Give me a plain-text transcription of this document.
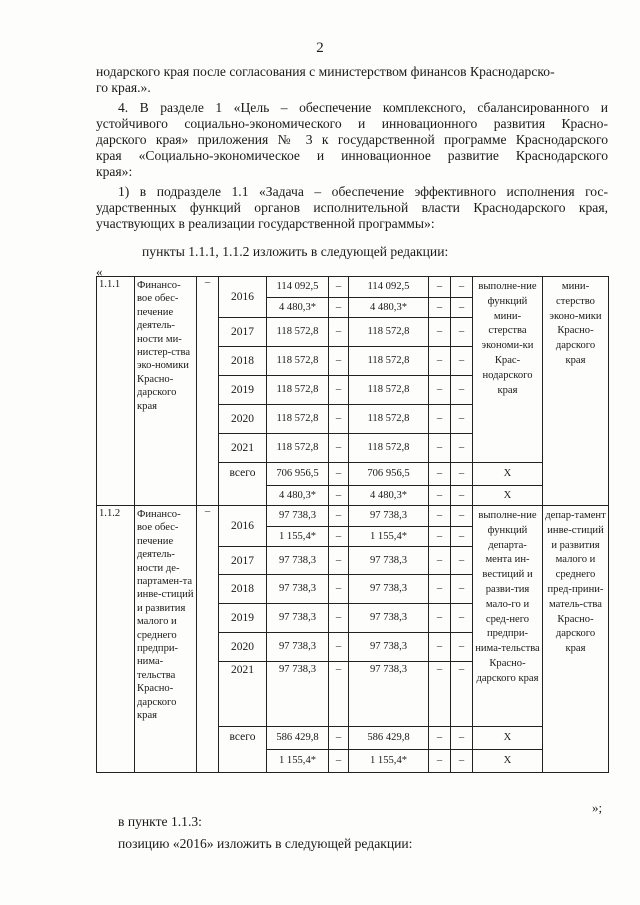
2
нодарского края после согласования с министерством финансов Краснодарско-
го края.».
4. В разделе 1 «Цель – обеспечение комплексного, сбалансированного и
устойчивого социально-экономического и инновационного развития Красно-
дарского края» приложения № 3 к государственной программе Краснодарского
края «Социально-экономическое и инновационное развитие Краснодарского
края»:
1) в подразделе 1.1 «Задача – обеспечение эффективного исполнения гос-
ударственных функций органов исполнительной власти Краснодарского края,
участвующих в реализации государственной программы»:
пункты 1.1.1, 1.1.2 изложить в следующей редакции:
«
1.1.1	Финансо-вое обес-печение деятель-ности ми-нистер-ства эко-номики Красно-дарского края	–	2016	114 092,5	–	114 092,5	–	–	выполне-ние функций мини-стерства экономи-ки Крас-нодарского края	мини-стерство эконо-мики Красно-дарского края
				4 480,3*	–	4 480,3*	–	–		
			2017	118 572,8	–	118 572,8	–	–		
			2018	118 572,8	–	118 572,8	–	–		
			2019	118 572,8	–	118 572,8	–	–		
			2020	118 572,8	–	118 572,8	–	–		
			2021	118 572,8	–	118 572,8	–	–		
			всего	706 956,5	–	706 956,5	–	–	X	
				4 480,3*	–	4 480,3*	–	–	X	
1.1.2	Финансо-вое обес-печение деятель-ности де-партамен-та инве-стиций и развития малого и среднего предпри-нима-тельства Красно-дарского края	–	2016	97 738,3	–	97 738,3	–	–	выполне-ние функций департа-мента ин-вестиций и разви-тия мало-го и сред-него предпри-нима-тельства Красно-дарского края	депар-тамент инве-стиций и развития малого и среднего пред-прини-матель-ства Красно-дарского края
				1 155,4*	–	1 155,4*	–	–		
			2017	97 738,3	–	97 738,3	–	–		
			2018	97 738,3	–	97 738,3	–	–		
			2019	97 738,3	–	97 738,3	–	–		
			2020	97 738,3	–	97 738,3	–	–		
			2021	97 738,3	–	97 738,3	–	–		
			всего	586 429,8	–	586 429,8	–	–	X	
				1 155,4*	–	1 155,4*	–	–	X	
»;
в пункте 1.1.3:
позицию «2016» изложить в следующей редакции:
